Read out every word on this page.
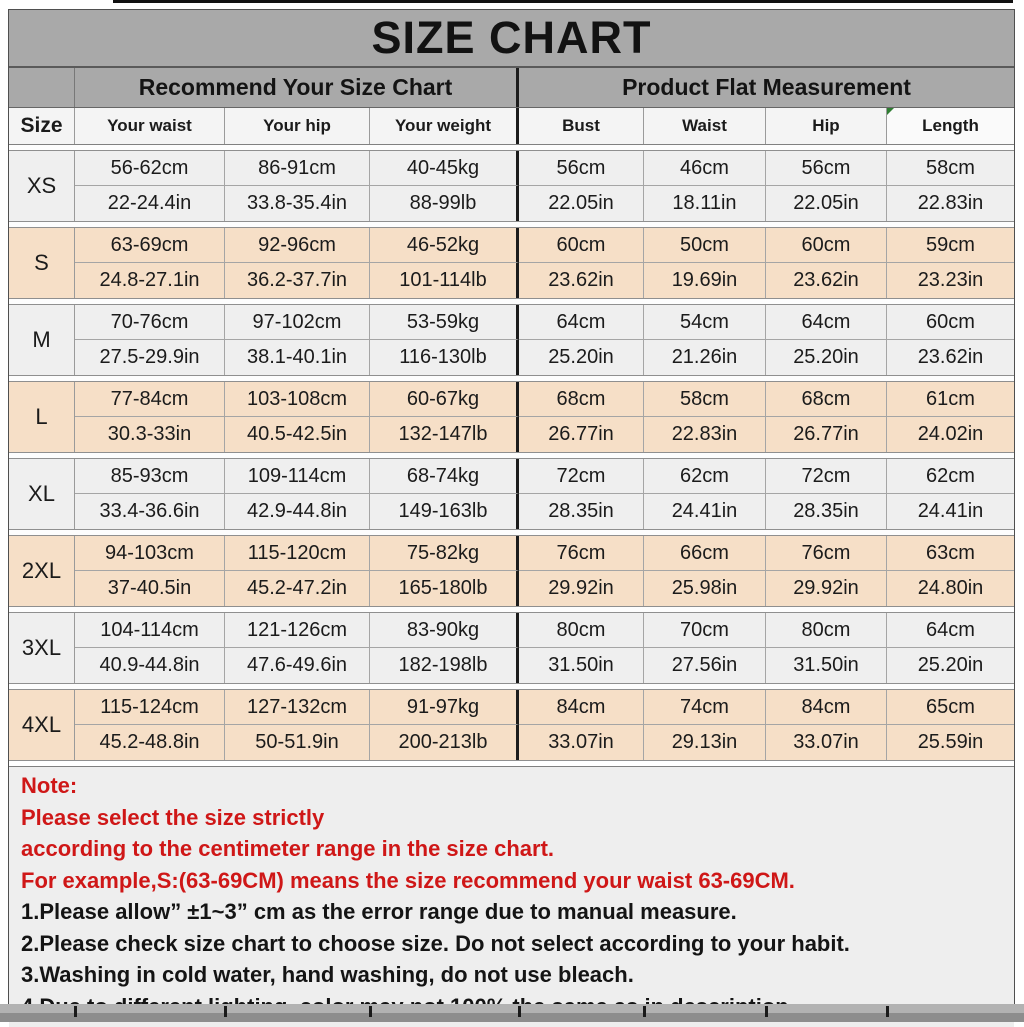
SIZE CHART
Recommend Your Size Chart	Product Flat Measurement
Size	Your waist	Your hip	Your weight	Bust	Waist	Hip	Length
XS
56-62cm	86-91cm	40-45kg	56cm	46cm	56cm	58cm
22-24.4in	33.8-35.4in	88-99lb	22.05in	18.11in	22.05in	22.83in
S
63-69cm	92-96cm	46-52kg	60cm	50cm	60cm	59cm
24.8-27.1in	36.2-37.7in	101-114lb	23.62in	19.69in	23.62in	23.23in
M
70-76cm	97-102cm	53-59kg	64cm	54cm	64cm	60cm
27.5-29.9in	38.1-40.1in	116-130lb	25.20in	21.26in	25.20in	23.62in
L
77-84cm	103-108cm	60-67kg	68cm	58cm	68cm	61cm
30.3-33in	40.5-42.5in	132-147lb	26.77in	22.83in	26.77in	24.02in
XL
85-93cm	109-114cm	68-74kg	72cm	62cm	72cm	62cm
33.4-36.6in	42.9-44.8in	149-163lb	28.35in	24.41in	28.35in	24.41in
2XL
94-103cm	115-120cm	75-82kg	76cm	66cm	76cm	63cm
37-40.5in	45.2-47.2in	165-180lb	29.92in	25.98in	29.92in	24.80in
3XL
104-114cm	121-126cm	83-90kg	80cm	70cm	80cm	64cm
40.9-44.8in	47.6-49.6in	182-198lb	31.50in	27.56in	31.50in	25.20in
4XL
115-124cm	127-132cm	91-97kg	84cm	74cm	84cm	65cm
45.2-48.8in	50-51.9in	200-213lb	33.07in	29.13in	33.07in	25.59in
Note:
Please select the size strictly
according to the centimeter range in the size chart.
For example,S:(63-69CM) means the size recommend your waist 63-69CM.
1.Please allow” ±1~3” cm as the error range due to manual measure.
2.Please check size chart to choose size. Do not select according to your habit.
3.Washing in cold water, hand washing, do not use bleach.
